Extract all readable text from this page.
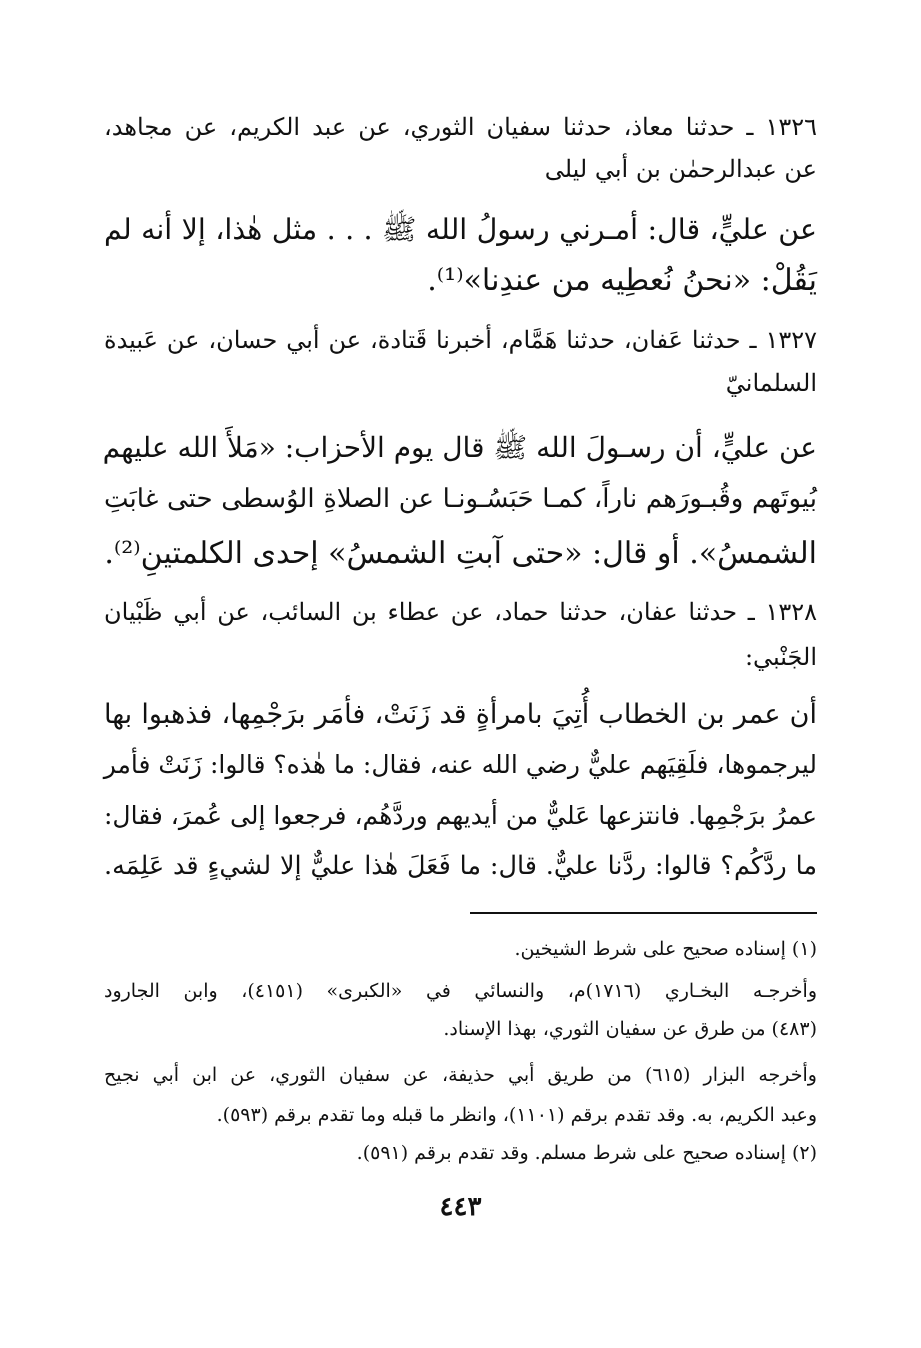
١٣٢٦ ـ حدثنا معاذ، حدثنا سفيان الثوري، عن عبد الكريم، عن مجاهد،

عن عبدالرحمٰن بن أبي ليلى

عن عليٍّ، قال: أمـرني رسولُ الله ﷺ . . . مثل هٰذا، إلا أنه لم

يَقُلْ: «نحنُ نُعطِيه من عندِنا»⁽¹⁾.

١٣٢٧ ـ حدثنا عَفان، حدثنا هَمَّام، أخبرنا قَتادة، عن أبي حسان، عن عَبيدة

السلمانيّ

عن عليٍّ، أن رسـولَ الله ﷺ قال يوم الأحزاب: «مَلأَ الله عليهم

بُيوتَهم وقُبـورَهم ناراً، كمـا حَبَسُـونـا عن الصلاةِ الوُسطى حتى غابَتِ

الشمسُ». أو قال: «حتى آبتِ الشمسُ» إحدى الكلمتينِ⁽²⁾.

١٣٢٨ ـ حدثنا عفان، حدثنا حماد، عن عطاء بن السائب، عن أبي ظَبْيان

الجَنْبي:

أن عمر بن الخطاب أُتِيَ بامرأةٍ قد زَنَتْ، فأمَر برَجْمِها، فذهبوا بها

ليرجموها، فلَقِيَهم عليٌّ رضي الله عنه، فقال: ما هٰذه؟ قالوا: زَنَتْ فأمر

عمرُ برَجْمِها. فانتزعها عَليٌّ من أيديهم وردَّهُم، فرجعوا إلى عُمرَ، فقال:

ما ردَّكُم؟ قالوا: ردَّنا عليٌّ. قال: ما فَعَلَ هٰذا عليٌّ إلا لشيءٍ قد عَلِمَه.

(١) إسناده صحيح على شرط الشيخين.

وأخرجـه البخـاري (١٧١٦)م، والنسائي في «الكبرى» (٤١٥١)، وابن الجارود

(٤٨٣) من طرق عن سفيان الثوري، بهذا الإسناد.

وأخرجه البزار (٦١٥) من طريق أبي حذيفة، عن سفيان الثوري، عن ابن أبي نجيح

وعبد الكريم، به. وقد تقدم برقم (١١٠١)، وانظر ما قبله وما تقدم برقم (٥٩٣).

(٢) إسناده صحيح على شرط مسلم. وقد تقدم برقم (٥٩١).

٤٤٣
